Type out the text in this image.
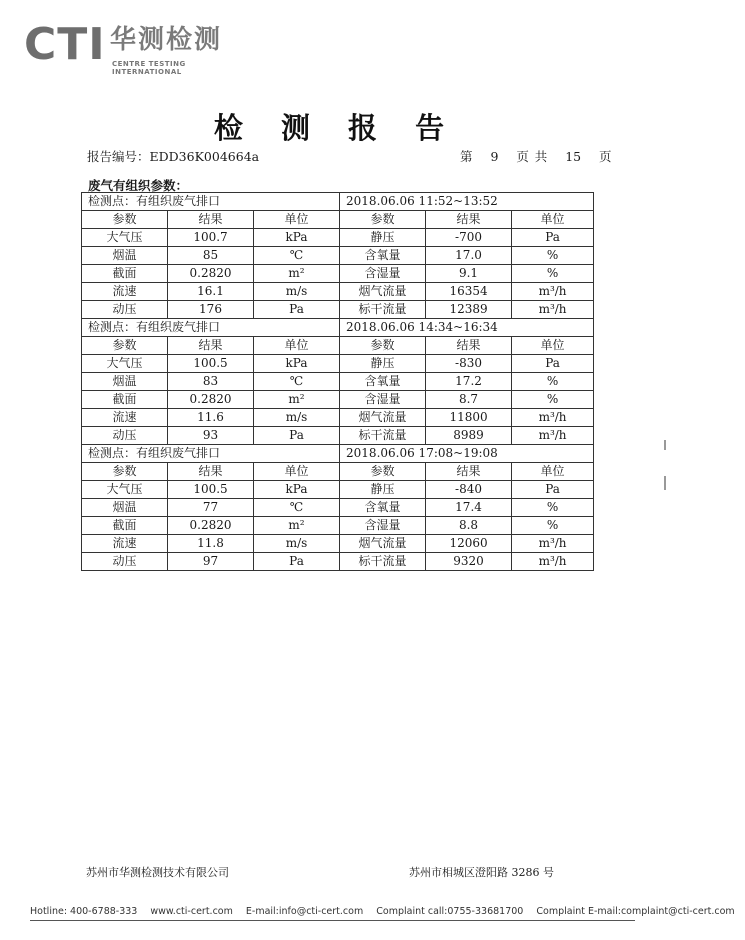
CTI 华测检测
CENTRE TESTING INTERNATIONAL
检 测 报 告
报告编号：EDD36K004664a	第 9 页 共 15 页
废气有组织参数：
检测点：有组织废气排口			2018.06.06 11:52~13:52		
参数	结果	单位	参数	结果	单位
大气压	100.7	kPa	静压	-700	Pa
烟温	85	℃	含氧量	17.0	%
截面	0.2820	m²	含湿量	9.1	%
流速	16.1	m/s	烟气流量	16354	m³/h
动压	176	Pa	标干流量	12389	m³/h
检测点：有组织废气排口			2018.06.06 14:34~16:34		
参数	结果	单位	参数	结果	单位
大气压	100.5	kPa	静压	-830	Pa
烟温	83	℃	含氧量	17.2	%
截面	0.2820	m²	含湿量	8.7	%
流速	11.6	m/s	烟气流量	11800	m³/h
动压	93	Pa	标干流量	8989	m³/h
检测点：有组织废气排口			2018.06.06 17:08~19:08		
参数	结果	单位	参数	结果	单位
大气压	100.5	kPa	静压	-840	Pa
烟温	77	℃	含氧量	17.4	%
截面	0.2820	m²	含湿量	8.8	%
流速	11.8	m/s	烟气流量	12060	m³/h
动压	97	Pa	标干流量	9320	m³/h
苏州市华测检测技术有限公司	苏州市相城区澄阳路 3286 号
Hotline: 400-6788-333 www.cti-cert.com E-mail:info@cti-cert.com Complaint call:0755-33681700 Complaint E-mail:complaint@cti-cert.com
